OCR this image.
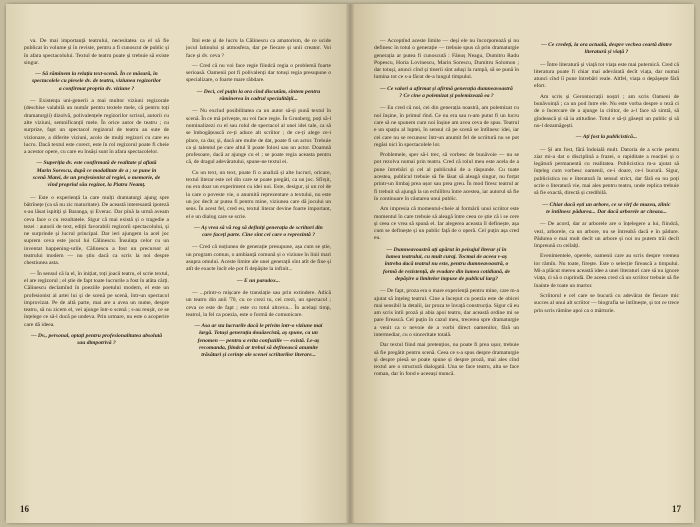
va. De mai importanță teatrului, necesitatea ca el să fie publicat în volume și în reviste, pentru a fi cunoscut de public și în afara spectacolului. Textul de teatru poate și trebuie să existe singur.

— Să rămînem la relația text-scenă. În ce măsură, în spectacolele cu piesele dv. de teatru, viziunea regizorilor a confirmat propria dv. viziune ?

— Existența uni-generii a mai multor viziuni regizorale (deschise valabilă un număr pentru textele mele, că pentru toți dramaturgii) dizolvă, polivalențele regizorilor scrisul, autorii cu alte viziuni, semnificanții mele. În orice autor de teatru ; cu surprize, fapt un spectacol regizoral de teatru au sute de vizionare, a diferite viziuni, acolo de mulți regizori cu care eu lucru. Dacă textul este corect, este în rol regizorul poate fi cheie a acestor opere, cu care eu însăși sunt în afara spectacolelor.

— Superiția dv. este confirmată de realitate și aflată Marin Sorescu, după ce modalitate de a ; se pune în scenă Matei, de un profesionist al regiei, o memorie, de vînd propriul său regizor, la Piatra Neamț.

— Este o experiență la care mulți dramaturgi ajung spre bătrînețe (ca să nu zic maturitate). De această interesantă ipoteză s-au lăsat ispitiți și Baranga, și Everac. Dar pînă la urmă aveam ceva face o cu rezultatele. Sigur că mai există și o tragedie a tezei : autorii de text, ediții favorabili regizorii spectacolului, și ne surprinde și lucrul principal. Dar ieri ajungem la acel joc suprem ceva este jocul lui Călinescu. Însuința celor cu un inventat happening-urile, Călinescu a fost un precursor al teatrului modern — nu știu dacă ca scris la noi despre chestiunea asta.

— În sensul că la el, în inițiat, toți joacă teatru, el scrie textul, el are regizorul ; el știe de fapt toate lucrurile a fost în atâta cărți. Călinescu declamînd în poeziile poetului modern, el este un profesionist al artei lui și de scenă pe scenă, într-un spectacol improvizat. Pe de altă parte, mai are a avea un nume, despre teatru, să nu zicem el, vei ajunge într-o scenă ; s-au reușit, ce se înțelege ce să-l ducă pe undeva. Prin urmare, nu este o acoperire care dă ideea.

— Dv., personal, optați pentru profesionalitatea absolută sau dimpotrivă ?

Îmi este și de lucru la Călinescu ca amatorism, de ce ucide jocul latinului și atmosfera, dar pe fiecare și unii creator. Voi face și dv. ceva ?

— Cred că nu voi face regie fiindcă regia o problemă foarte serioasă. Oamenii pot fi polivalenți dar totuși regia presupune o specializare, o foarte mare răbdare.

— Deci, cel puțin la ora cînd discutăm, sîntem pentru rămînerea în cadrul specialității...

— Nu exclud posibilitatea ca un autor să-și pună textul în scenă. În ce mă privește, nu voi face regie. În Grunberg, poți să-l nominalizezi cu el sau rolul de spectacol al unei idei tale, ca să se îmbogățească ce-ți aduce alt scriitor ; de ce-ți alege ce-i place, ca dar, și, dacă are multe de dat, poate fi un actor. Trebuie ca și talentul pe care altul îl poate folosi sau un actor. Doamnă profesoare, dacă ar ajunge cu el ; se poate regia aceasta pentru că, de dragul adevăratului, spune-ne textul ei.

Cu un text, un text, poate fi o analiză și alte lucruri, oricare, textul literar este cel din care se poate pregăti, ca un joc. Sfîrșit, nu era doar un experiment cu idei noi. Este, desigur, și un rol de la care o poveste vie, o anumită reprezentare a textului, nu este un joc decît ar putea fi pentru mine, viziunea care dă jocului un sens. În acest fel, cred eu, textul literar devine foarte important, el e un dialog care se scrie.

— Aș vrea să vă rog să definiți generația de scriitori din care faceți parte. Cine sînt cei care o reprezintă ?

— Cred că noțiunea de generație presupune, așa cum se știe, un program comun, o ambianță comună și o viziune în linii mari asupra omului. Aceste limite ale unei generații sînt atît de fine și atît de exacte încît ele pot fi depășite la infinit...

— E un paradox...

— ...printr-o mișcare de translație sau prin extindere. Adică un teatru din anii '70, cu ce crezi tu, cei crezi, un spectacol ; ceva ce este de fapt ; este cu totul altceva... În același timp, teatrul, la fel ca poezia, este o formă de comunicare.

— Asa ar sta lucrurile dacă le privim într-o viziune mai largă. Totuși generația douăzecistă, aș spune, ca un fenomen — pentru a evita confuziile — există. Le-aș recomanda, fiindcă ar trebui să definească anumite trăsături și cerințe ale scenei scriitorilor literare...

16

— Acceptînd aceste limite — deși ele nu încorporează și nu definesc în totul o generație — trebuie spus că prin dramaturgie generația ar putea fi cunoscută : Fănuș Neagu, Dumitru Radu Popescu, Horia Lovinescu, Marin Sorescu, Dumitru Solomon ; dar totuși, atunci cînd și tinerii sînt aduși la rampă, să se pună în lumina tot ce s-a făcut de-a lungul timpului.

— Ce valori a afirmat și afirmă generația dumneavoastră ? Ce cine a polemizat și polemizează ea ?

— Eu cred că noi, cei din generația noastră, am polemizat cu noi înșine, în primul rînd. Ce nu era sau n-am putut fi un lucru care să ne spunem cum noi înșine am avea ceva de spus. Teatrul e un spațiu al luptei, în sensul că pe scenă se întîlnesc idei, iar cei care nu se recunosc într-un anumit fel de scriitură nu se pot regăsi nici în spectacolele lor.

Problemele, sper să-i trec, să vorbesc de bunăvoie — nu se pot rezolva numai prin teatru. Cred că rolul meu este acela de a pune întrebări și cel al publicului de a răspunde. Cu toate acestea, publicul trebuie să fie lăsat să aleagă singur, nu forțat printr-un limbaj prea ușor sau prea greu. În mod firesc teatrul ar fi trebuit să ajungă la un echilibru între acestea, iar autorul să fie în continuare în căutarea unui public.

Am impresia că momentul-cheie al formării unui scriitor este momentul în care trebuie să aleagă între ceea ce știe că i se cere și ceea ce vrea să spună el. Iar alegerea aceasta îl definește, așa cum se definește și un public față de o operă. Cel puțin așa cred eu.

— Dumneavoastră ați apărut în peisajul literar și în lumea teatrului, cu mult curaj. Tocmai de aceea v-aș întreba dacă teatrul nu este, pentru dumneavoastră, o formă de rezistență, de evadare din lumea cotidiană, de depășire a limitelor impuse de publicul larg?

— De fapt, proza era o mare experiență pentru mine, care m-a ajutat să înțeleg teatrul. Cine a început cu poezia este de obicei mai sensibil la detalii, iar proza te învață construcția. Sigur că eu am scris întîi proză și abia apoi teatru, dar această ordine mi se pare firească. Cel puțin în cazul meu, trecerea spre dramaturgie a venit ca o nevoie de a vorbi direct oamenilor, fără un intermediar, cu o sinceritate totală.

Dar textul fiind mai pretențios, nu poate fi prea ușor, trebuie să fie pregătit pentru scenă. Ceea ce s-a spus despre dramaturgie și despre piesă se poate spune și despre proză, mai ales cînd textul are o structură dialogată. Una se face teatru, alta se face roman, dar în fond e aceeași muncă.

— Ce credeți, la ora actuală, despre vechea ceartă dintre literatură și viață ?

— Între literatură și viață tot viața este mai puternică. Cred că literatura poate fi chiar mai adevărată decît viața, dar numai atunci cînd îi pune întrebări reale. Altfel, viața o depășește fără efort.

Am scris și Gerontocrații noștri ; am scris Oameni de bunăvoință ; ca un pod între ele. Nu este vorba despre o teză ci de o încercare de a ajunge la cititor, de a-l face să simtă, să gîndească și să ia atitudine. Totul e să-ți găsești un public și să nu-l dezamăgești.

— Ați fost la publicistică...

— Și am fost, fără îndoială mult. Datoria de a scrie pentru ziar mi-a dat o disciplină a frazei, o rapiditate a reacției și o legătură permanentă cu realitatea. Publicistica m-a ajutat să înțeleg cum vorbesc oamenii, ce-i doare, ce-i bucură. Sigur, publicistica nu e literatură în sensul strict, dar fără ea nu poți scrie o literatură vie, mai ales pentru teatru, unde replica trebuie să fie exactă, directă și credibilă.

— Chiar dacă ești un arbore, ce se vîrf de muzeu, zilnic te întîlnesc pădurea... Dar dacă arborele ar citeaza...

— De acord, dar ar arborele are o înțelegere a lui, fiindcă, vezi, arborele, ca un arbore, nu se întreabă dacă e în pădure. Pădurea e mai mult decît un arbore și noi nu putem trăi decît împreună cu ceilalți.

Evenimentele, operele, oamenii care au scris despre vremea lor rămîn. Nu toate, firește. Este o selecție firească a timpului. Mi-a plăcut mereu această idee a unei literaturi care să nu ignore viața, ci să o cuprindă. De aceea cred că un scriitor trebuie să fie înainte de toate un martor.

Scriitorul e cel care se bucură cu adevărat de fiecare mic succes al unui alt scriitor — biografia se întîlnește, și tot ce trece prin scris rămîne apoi ca o mărturie.

17
